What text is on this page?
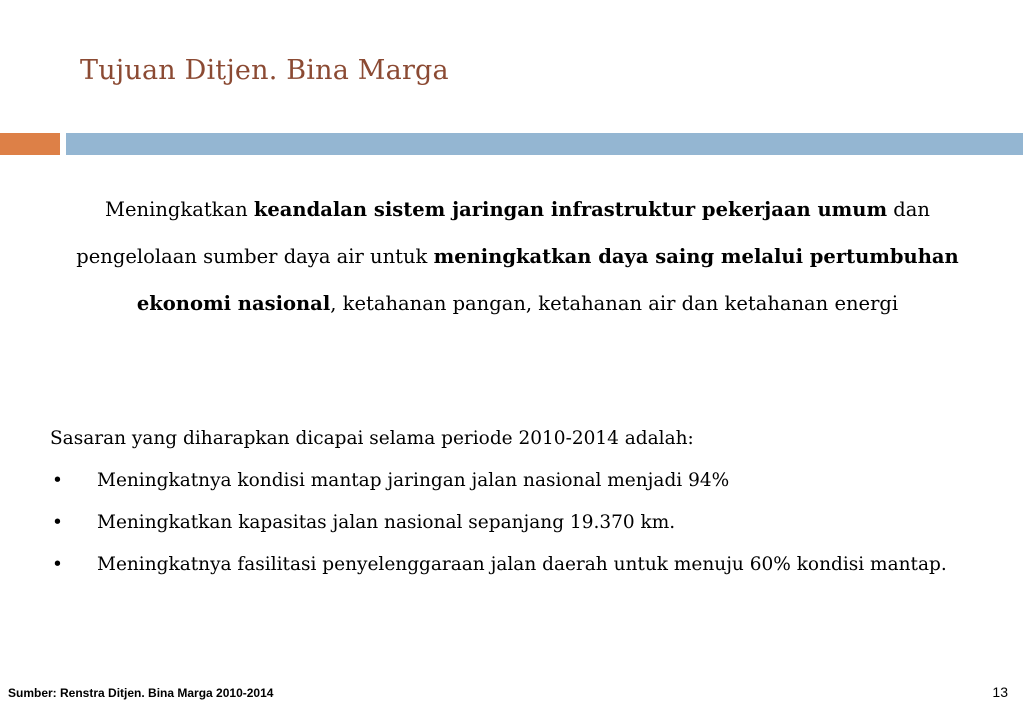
Tujuan Ditjen. Bina Marga
Meningkatkan keandalan sistem jaringan infrastruktur pekerjaan umum dan pengelolaan sumber daya air untuk meningkatkan daya saing melalui pertumbuhan ekonomi nasional, ketahanan pangan, ketahanan air dan ketahanan energi
Sasaran yang diharapkan dicapai selama periode 2010-2014 adalah:
• Meningkatnya kondisi mantap jaringan jalan nasional menjadi 94%
• Meningkatkan kapasitas jalan nasional sepanjang 19.370 km.
• Meningkatnya fasilitasi penyelenggaraan jalan daerah untuk menuju 60% kondisi mantap.
Sumber: Renstra Ditjen. Bina Marga 2010-2014	13
